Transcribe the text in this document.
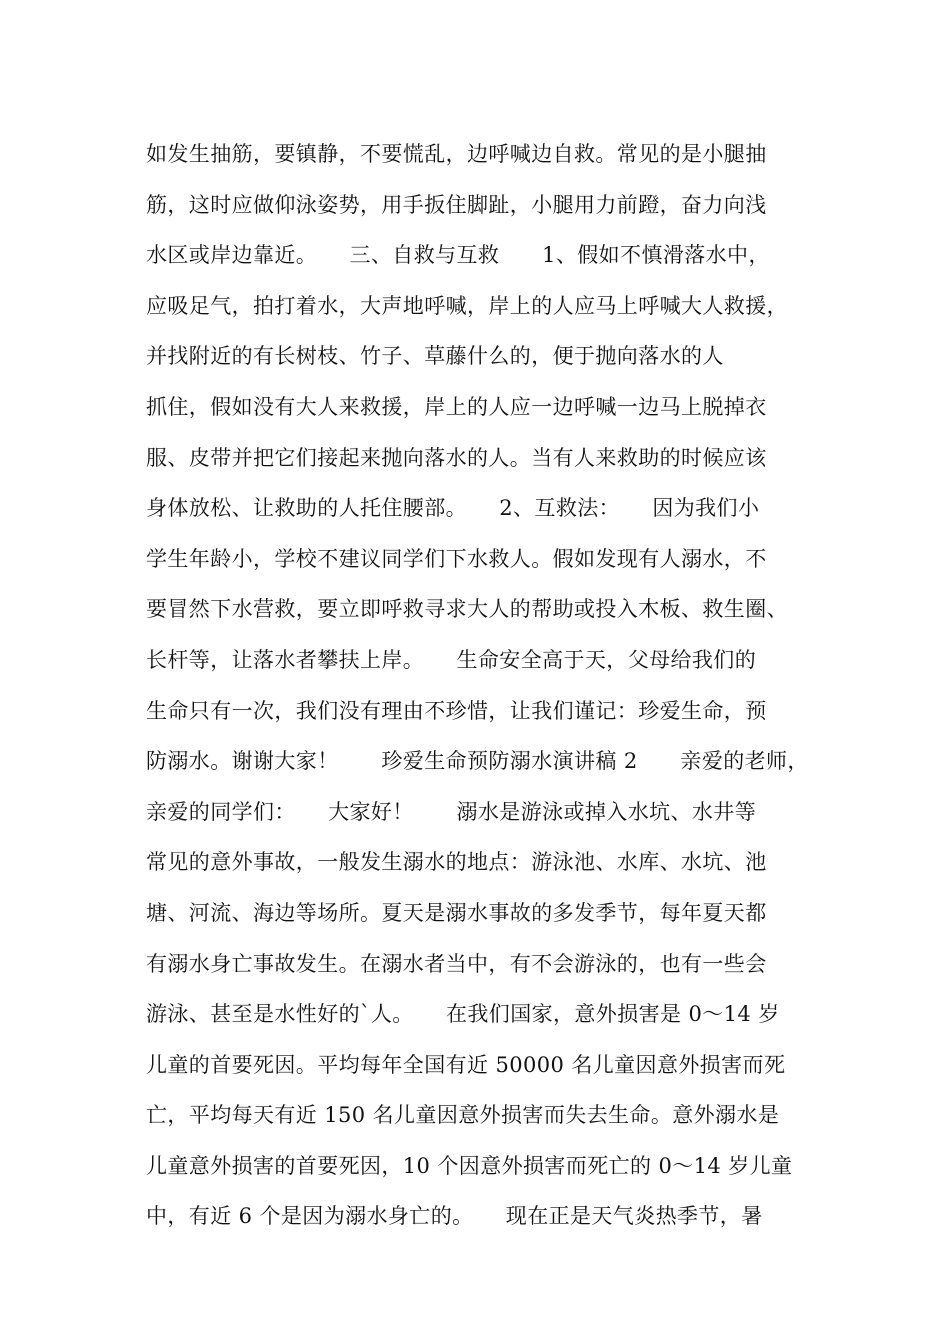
如发生抽筋，要镇静，不要慌乱，边呼喊边自救。常见的是小腿抽
筋，这时应做仰泳姿势，用手扳住脚趾，小腿用力前蹬，奋力向浅
水区或岸边靠近。　　三、自救与互救　　1、假如不慎滑落水中，
应吸足气，拍打着水，大声地呼喊，岸上的人应马上呼喊大人救援，
并找附近的有长树枝、竹子、草藤什么的，便于抛向落水的人
抓住，假如没有大人来救援，岸上的人应一边呼喊一边马上脱掉衣
服、皮带并把它们接起来抛向落水的人。当有人来救助的时候应该
身体放松、让救助的人托住腰部。　　2、互救法：　　因为我们小
学生年龄小，学校不建议同学们下水救人。假如发现有人溺水，不
要冒然下水营救，要立即呼救寻求大人的帮助或投入木板、救生圈、
长杆等，让落水者攀扶上岸。　　生命安全高于天，父母给我们的
生命只有一次，我们没有理由不珍惜，让我们谨记：珍爱生命，预
防溺水。谢谢大家！　　珍爱生命预防溺水演讲稿 2　　亲爱的老师，
亲爱的同学们：　　大家好！　　溺水是游泳或掉入水坑、水井等
常见的意外事故，一般发生溺水的地点：游泳池、水库、水坑、池
塘、河流、海边等场所。夏天是溺水事故的多发季节，每年夏天都
有溺水身亡事故发生。在溺水者当中，有不会游泳的，也有一些会
游泳、甚至是水性好的`人。　　在我们国家，意外损害是 0～14 岁
儿童的首要死因。平均每年全国有近 50000 名儿童因意外损害而死
亡，平均每天有近 150 名儿童因意外损害而失去生命。意外溺水是
儿童意外损害的首要死因，10 个因意外损害而死亡的 0～14 岁儿童
中，有近 6 个是因为溺水身亡的。　　现在正是天气炎热季节，暑
